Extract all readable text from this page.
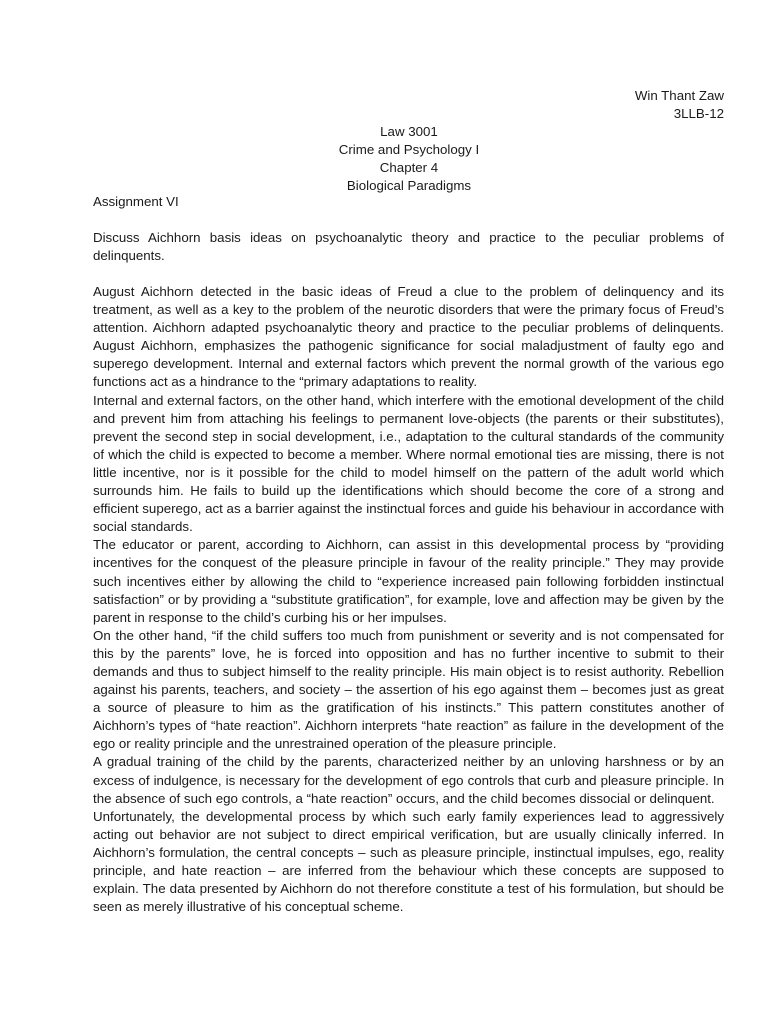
Win Thant Zaw
3LLB-12
Law 3001
Crime and Psychology I
Chapter 4
Biological Paradigms
Assignment VI
Discuss Aichhorn basis ideas on psychoanalytic theory and practice to the peculiar problems of delinquents.

August Aichhorn detected in the basic ideas of Freud a clue to the problem of delinquency and its treatment, as well as a key to the problem of the neurotic disorders that were the primary focus of Freud’s attention. Aichhorn adapted psychoanalytic theory and practice to the peculiar problems of delinquents. August Aichhorn, emphasizes the pathogenic significance for social maladjustment of faulty ego and superego development. Internal and external factors which prevent the normal growth of the various ego functions act as a hindrance to the “primary adaptations to reality.

Internal and external factors, on the other hand, which interfere with the emotional development of the child and prevent him from attaching his feelings to permanent love-objects (the parents or their substitutes), prevent the second step in social development, i.e., adaptation to the cultural standards of the community of which the child is expected to become a member. Where normal emotional ties are missing, there is not little incentive, nor is it possible for the child to model himself on the pattern of the adult world which surrounds him. He fails to build up the identifications which should become the core of a strong and efficient superego, act as a barrier against the instinctual forces and guide his behaviour in accordance with social standards.

The educator or parent, according to Aichhorn, can assist in this developmental process by “providing incentives for the conquest of the pleasure principle in favour of the reality principle.” They may provide such incentives either by allowing the child to “experience increased pain following forbidden instinctual satisfaction” or by providing a “substitute gratification”, for example, love and affection may be given by the parent in response to the child’s curbing his or her impulses.

On the other hand, “if the child suffers too much from punishment or severity and is not compensated for this by the parents” love, he is forced into opposition and has no further incentive to submit to their demands and thus to subject himself to the reality principle. His main object is to resist authority. Rebellion against his parents, teachers, and society – the assertion of his ego against them – becomes just as great a source of pleasure to him as the gratification of his instincts.” This pattern constitutes another of Aichhorn’s types of “hate reaction”. Aichhorn interprets “hate reaction” as failure in the development of the ego or reality principle and the unrestrained operation of the pleasure principle.

A gradual training of the child by the parents, characterized neither by an unloving harshness or by an excess of indulgence, is necessary for the development of ego controls that curb and pleasure principle. In the absence of such ego controls, a “hate reaction” occurs, and the child becomes dissocial or delinquent.

Unfortunately, the developmental process by which such early family experiences lead to aggressively acting out behavior are not subject to direct empirical verification, but are usually clinically inferred. In Aichhorn’s formulation, the central concepts – such as pleasure principle, instinctual impulses, ego, reality principle, and hate reaction – are inferred from the behaviour which these concepts are supposed to explain. The data presented by Aichhorn do not therefore constitute a test of his formulation, but should be seen as merely illustrative of his conceptual scheme.
